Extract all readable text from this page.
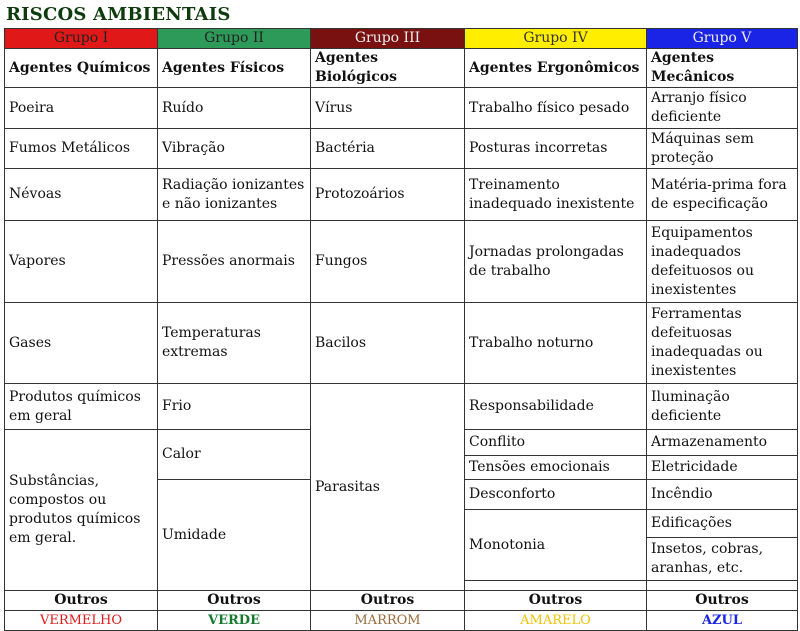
RISCOS AMBIENTAIS
Grupo I	Grupo II	Grupo III	Grupo IV	Grupo V	
Agentes Químicos	Agentes Físicos	Agentes Biológicos	Agentes Ergonômicos	Agentes Mecânicos	
Poeira	Ruído	Vírus	Trabalho físico pesado	Arranjo físico deficiente	
Fumos Metálicos	Vibração	Bactéria	Posturas incorretas	Máquinas sem proteção	
Névoas	Radiação ionizantes e não ionizantes	Protozoários	Treinamento inadequado inexistente	Matéria-prima fora de especificação	
Vapores	Pressões anormais	Fungos	Jornadas prolongadas de trabalho	Equipamentos inadequados defeituosos ou inexistentes	
Gases	Temperaturas extremas	Bacilos	Trabalho noturno	Ferramentas defeituosas inadequadas ou inexistentes	
Produtos químicos em geral	Frio	Parasitas	Responsabilidade	Iluminação deficiente	
Substâncias, compostos ou produtos químicos em geral.	Calor		Conflito	Armazenamento	
			Tensões emocionais	Eletricidade	
	Umidade		Desconforto	Incêndio	
			Monotonia	Edificações	
				Insetos, cobras, aranhas, etc.	

Outros	Outros	Outros	Outros	Outros	
VERMELHO	VERDE	MARROM	AMARELO	AZUL	
